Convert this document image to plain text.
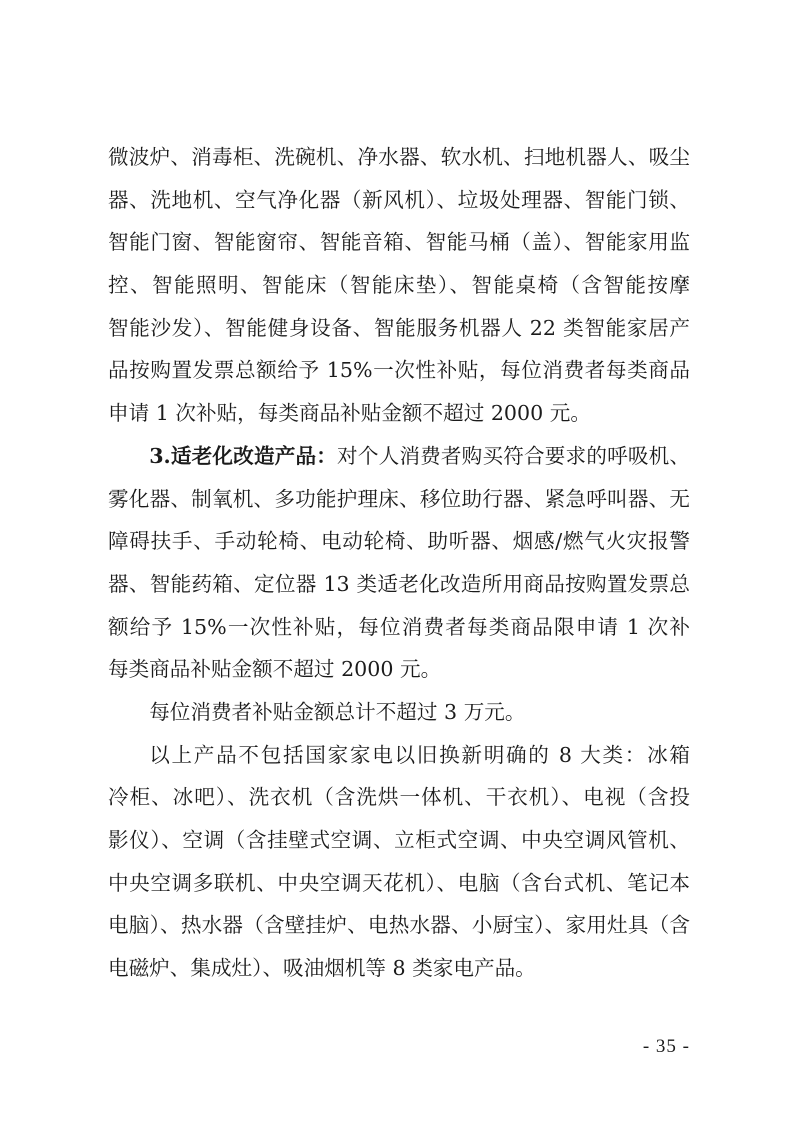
微波炉、消毒柜、洗碗机、净水器、软水机、扫地机器人、吸尘
器、洗地机、空气净化器（新风机）、垃圾处理器、智能门锁、
智能门窗、智能窗帘、智能音箱、智能马桶（盖）、智能家用监
控、智能照明、智能床（智能床垫）、智能桌椅（含智能按摩
智能沙发）、智能健身设备、智能服务机器人 22 类智能家居产
品按购置发票总额给予 15%一次性补贴，每位消费者每类商品
申请 1 次补贴，每类商品补贴金额不超过 2000 元。
3.适老化改造产品：对个人消费者购买符合要求的呼吸机、
雾化器、制氧机、多功能护理床、移位助行器、紧急呼叫器、无
障碍扶手、手动轮椅、电动轮椅、助听器、烟感/燃气火灾报警
器、智能药箱、定位器 13 类适老化改造所用商品按购置发票总
额给予 15%一次性补贴，每位消费者每类商品限申请 1 次补
每类商品补贴金额不超过 2000 元。
每位消费者补贴金额总计不超过 3 万元。
以上产品不包括国家家电以旧换新明确的 8 大类：冰箱
冷柜、冰吧）、洗衣机（含洗烘一体机、干衣机）、电视（含投
影仪）、空调（含挂壁式空调、立柜式空调、中央空调风管机、
中央空调多联机、中央空调天花机）、电脑（含台式机、笔记本
电脑）、热水器（含壁挂炉、电热水器、小厨宝）、家用灶具（含
电磁炉、集成灶）、吸油烟机等 8 类家电产品。
- 35 -
